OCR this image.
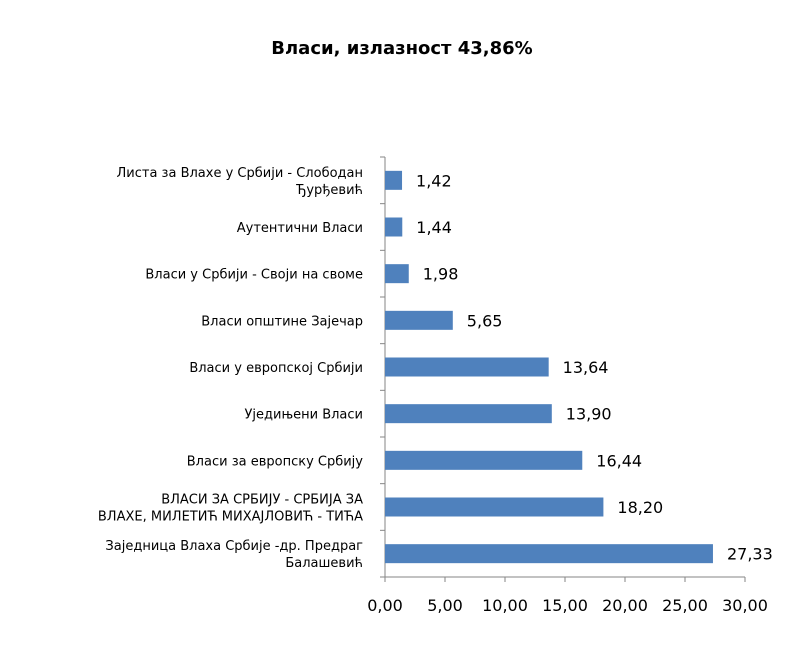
Власи, излазност 43,86%
1,42
1,44
1,98
5,65
13,64
13,90
16,44
18,20
27,33
Листа за Влахе у Србији - Слободан Ђурђевић
Аутентични Власи
Власи у Србији - Своји на своме
Власи општине Зајечар
Власи у европској Србији
Уједињени Власи
Власи за европску Србију
ВЛАСИ ЗА СРБИЈУ - СРБИЈА ЗА ВЛАХЕ, МИЛЕТИЋ МИХАЈЛОВИЋ - ТИЋА
Заједница Влаха Србије -др. Предраг Балашевић
0,00 5,00 10,00 15,00 20,00 25,00 30,00
